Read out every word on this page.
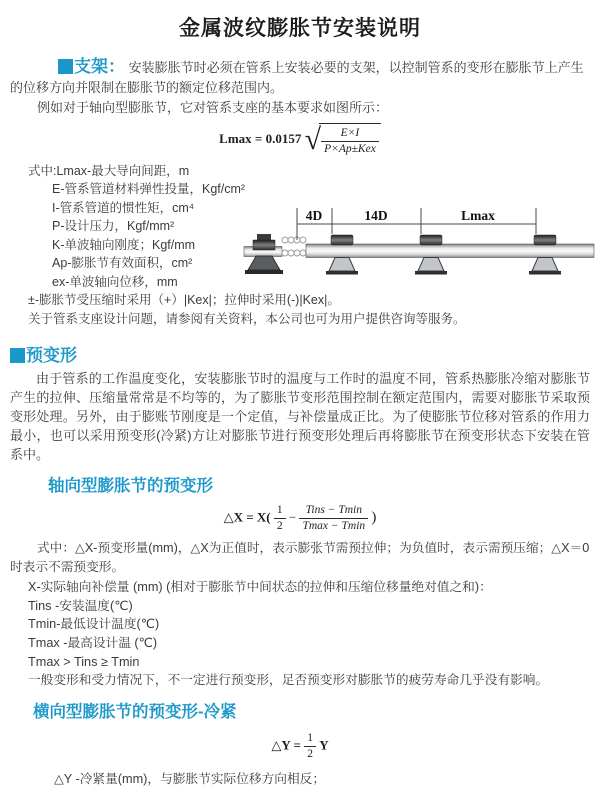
金属波纹膨胀节安装说明

支架： 安装膨胀节时必须在管系上安装必要的支架，以控制管系的变形在膨胀节上产生的位移方向并限制在膨胀节的额定位移范围内。

例如对于轴向型膨胀节，它对管系支座的基本要求如图所示：

Lmax = 0.0157 √ $\frac{E\times I}{\text{P×Ap±Kex}}$
式中:Lmax-最大导向间距，m
E-管系管道材料弹性投量，Kgf/cm²
I-管系管道的惯性矩，cm⁴
P-设计压力，Kgf/mm²
K-单波轴向刚度；Kgf/mm
Ap-膨胀节有效面积，cm²
ex-单波轴向位移，mm
±-膨胀节受压缩时采用（+）|Kex|；拉伸时采用(-)|Kex|。
关于管系支座设计问题，请参阅有关资料，本公司也可为用户提供咨询等服务。
4D	14D	Lmax
预变形

由于管系的工作温度变化，安装膨胀节时的温度与工作时的温度不同，管系热膨胀冷缩对膨胀节产生的拉伸、压缩量常常是不均等的，为了膨胀节变形范围控制在额定范围内，需要对膨胀节采取预变形处理。另外，由于膨账节刚度是一个定值，与补偿量成正比。为了使膨胀节位移对管系的作用力最小，也可以采用预变形(冷紧)方让对膨胀节进行预变形处理后再将膨胀节在预变形状态下安装在管系中。

轴向型膨胀节的预变形
△X = $X( \frac{1}{2} - \frac{\text{Tins − Tmin}}{Tmax - Tmin}$ )

式中：△X-预变形量(mm)，△X为正值时，表示膨张节需预拉伸；为负值时，表示需预压缩；△X＝0时表示不需预变形。

X-实际轴向补偿量 (mm) (相对于膨胀节中间状态的拉伸和压缩位移量绝对值之和)：
Tins -安装温度(℃)
Tmin-最低设计温度(℃)
Tmax -最高设计温 (℃)
Tmax > Tins ≥ Tmin
一般变形和受力情况下，不一定进行预变形，足否预变形对膨胀节的疲劳寿命几乎没有影响。
横向型膨胀节的预变形-冷紧
△Y = $\frac{1}{2}$ Y

△Y -冷紧量(mm)，与膨胀节实际位移方向相反；
